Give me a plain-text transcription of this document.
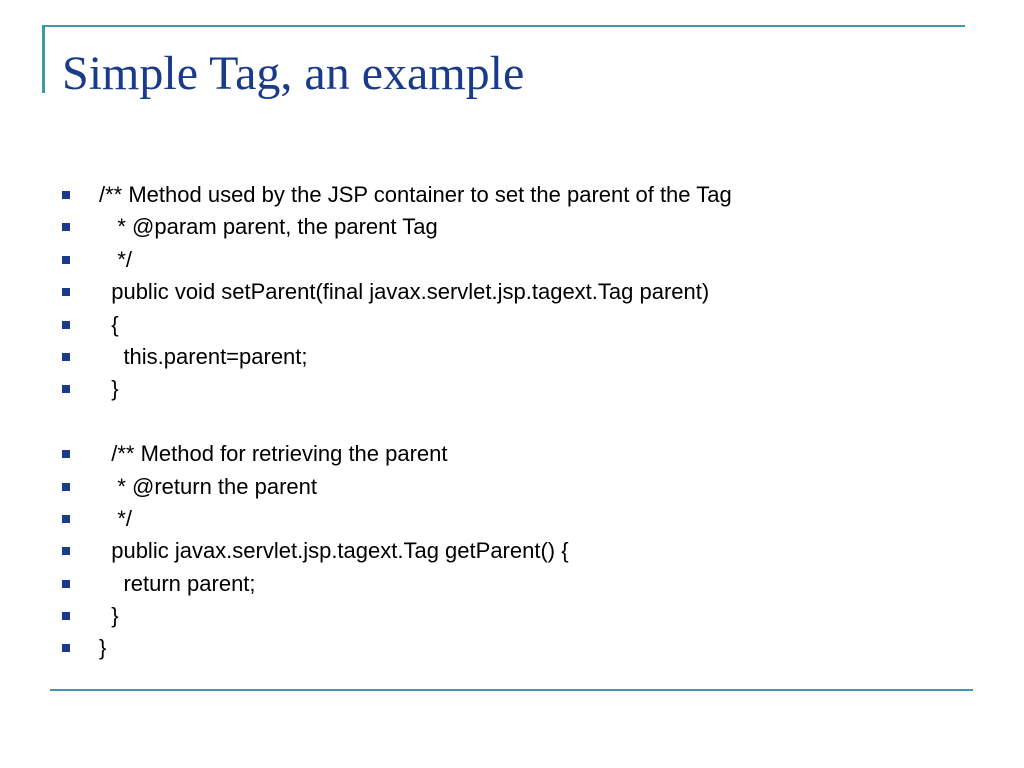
Simple Tag, an example
/** Method used by the JSP container to set the parent of the Tag
* @param parent, the parent Tag
*/
public void setParent(final javax.servlet.jsp.tagext.Tag parent)
{
this.parent=parent;
}
/** Method for retrieving the parent
* @return the parent
*/
public javax.servlet.jsp.tagext.Tag getParent() {
return parent;
}
}
